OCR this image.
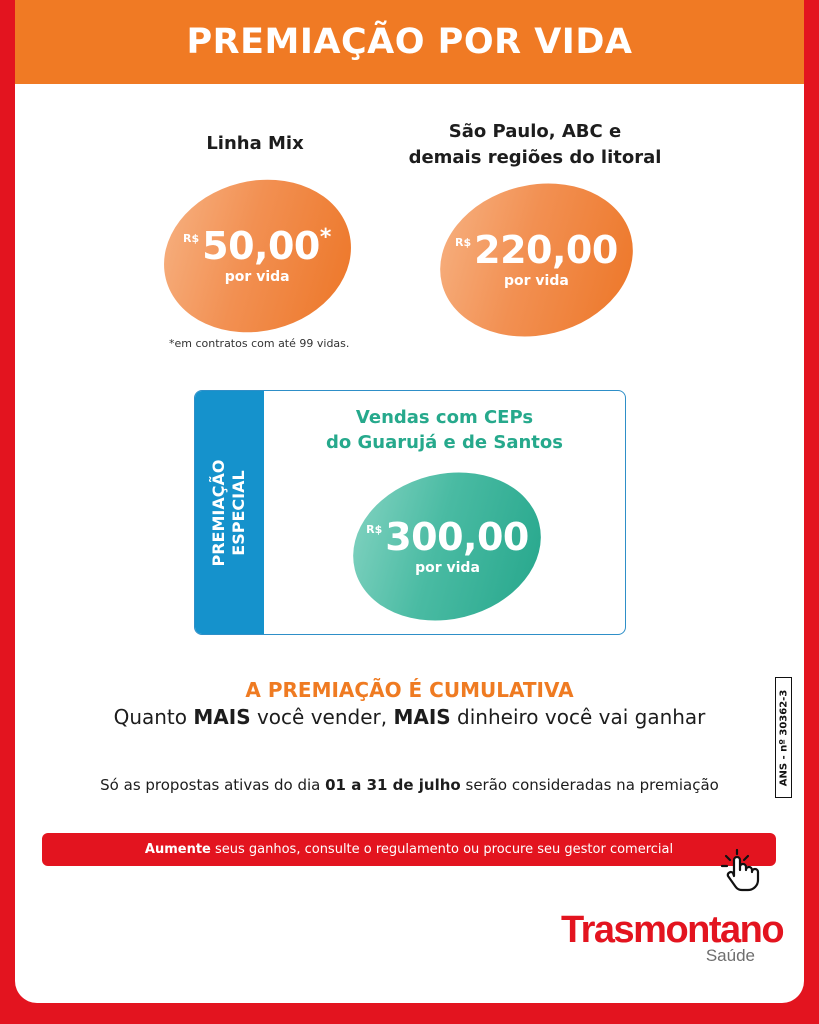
PREMIAÇÃO POR VIDA
Linha Mix
R$ 50,00 *
por vida
*em contratos com até 99 vidas.
São Paulo, ABC e
demais regiões do litoral
R$ 220,00
por vida
PREMIAÇÃO ESPECIAL
Vendas com CEPs
do Guarujá e de Santos
R$ 300,00
por vida
A PREMIAÇÃO É CUMULATIVA
Quanto MAIS você vender, MAIS dinheiro você vai ganhar
Só as propostas ativas do dia 01 a 31 de julho serão consideradas na premiação	ANS - nº 30362-3
Aumente seus ganhos, consulte o regulamento ou procure seu gestor comercial
Trasmontano
Saúde
